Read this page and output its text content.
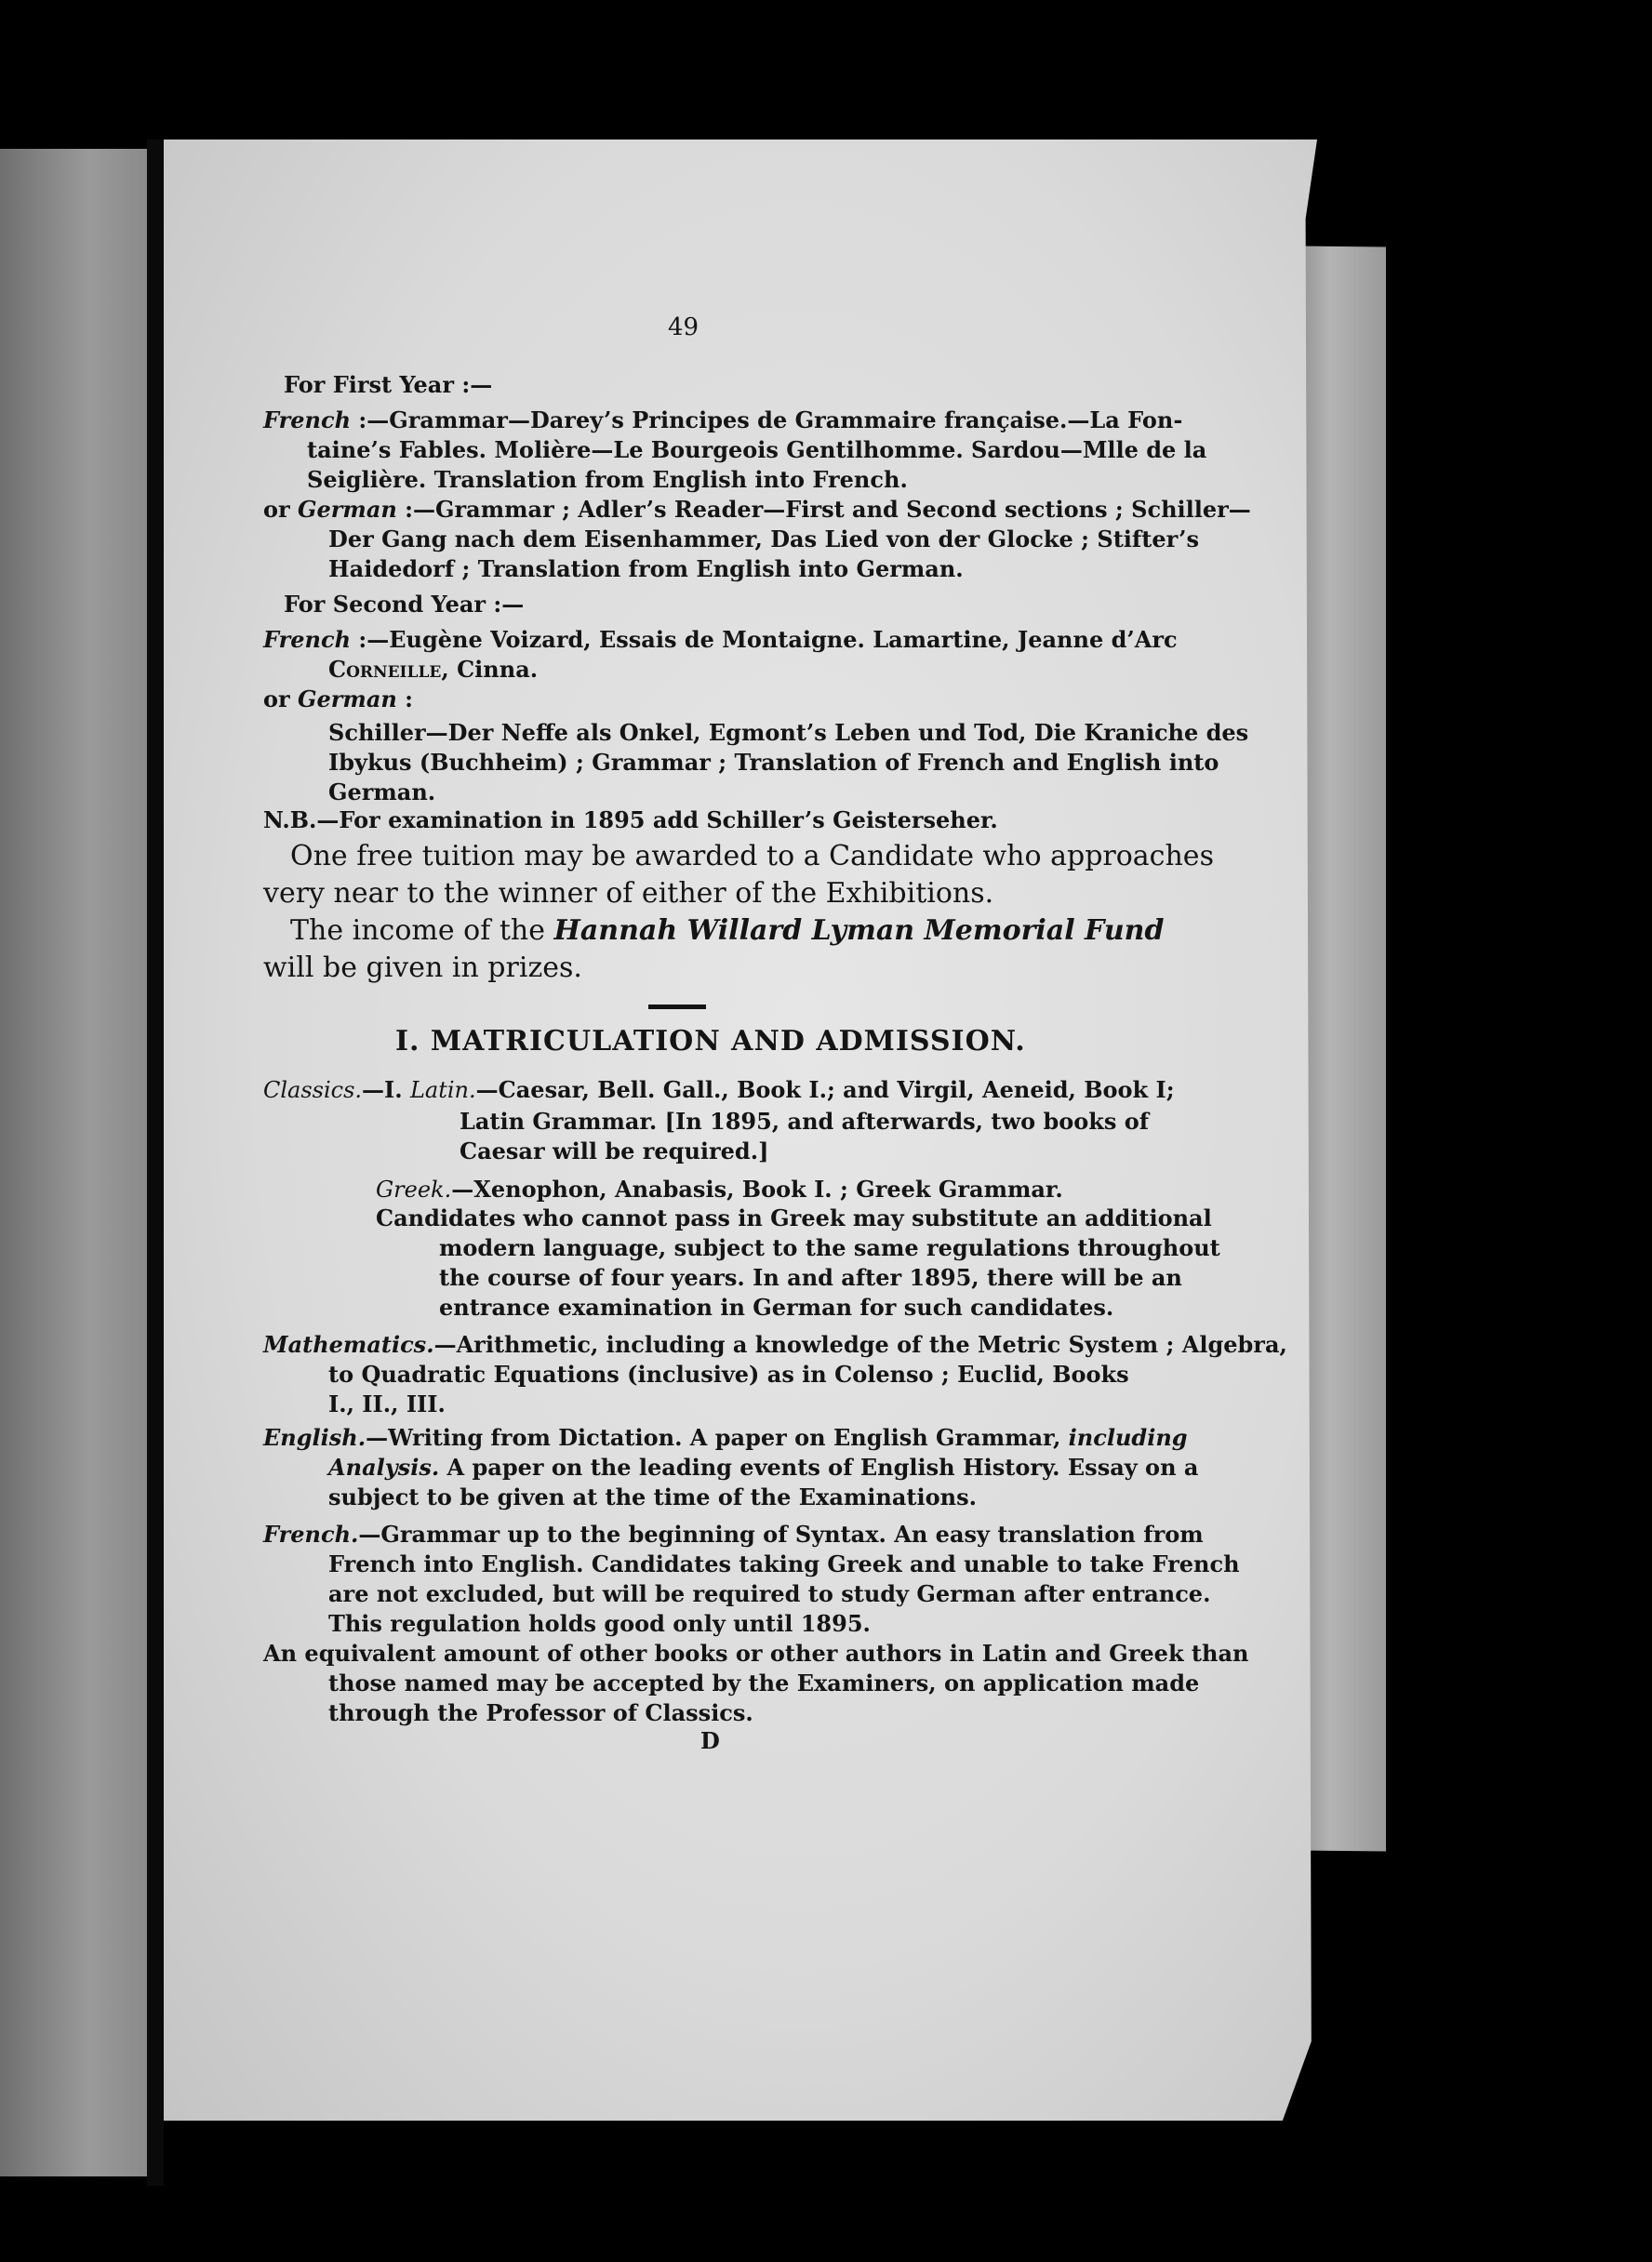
49
For First Year :—
French :—Grammar—Darey’s Principes de Grammaire française.—La Fon-
taine’s Fables. Molière—Le Bourgeois Gentilhomme. Sardou—Mlle de la
Seiglière. Translation from English into French.
or German :—Grammar ; Adler’s Reader—First and Second sections ; Schiller—
Der Gang nach dem Eisenhammer, Das Lied von der Glocke ; Stifter’s
Haidedorf ; Translation from English into German.
For Second Year :—
French :—Eugène Voizard, Essais de Montaigne. Lamartine, Jeanne d’Arc
Corneille, Cinna.
or German :
Schiller—Der Neffe als Onkel, Egmont’s Leben und Tod, Die Kraniche des
Ibykus (Buchheim) ; Grammar ; Translation of French and English into
German.
N.B.—For examination in 1895 add Schiller’s Geisterseher.
One free tuition may be awarded to a Candidate who approaches
very near to the winner of either of the Exhibitions.
The income of the Hannah Willard Lyman Memorial Fund
will be given in prizes.
I. MATRICULATION AND ADMISSION.
Classics.—I. Latin.—Caesar, Bell. Gall., Book I.; and Virgil, Aeneid, Book I;
Latin Grammar. [In 1895, and afterwards, two books of
Caesar will be required.]
Greek.—Xenophon, Anabasis, Book I. ; Greek Grammar.
Candidates who cannot pass in Greek may substitute an additional
modern language, subject to the same regulations throughout
the course of four years. In and after 1895, there will be an
entrance examination in German for such candidates.
Mathematics.—Arithmetic, including a knowledge of the Metric System ; Algebra,
to Quadratic Equations (inclusive) as in Colenso ; Euclid, Books
I., II., III.
English.—Writing from Dictation. A paper on English Grammar, including
Analysis. A paper on the leading events of English History. Essay on a
subject to be given at the time of the Examinations.
French.—Grammar up to the beginning of Syntax. An easy translation from
French into English. Candidates taking Greek and unable to take French
are not excluded, but will be required to study German after entrance.
This regulation holds good only until 1895.
An equivalent amount of other books or other authors in Latin and Greek than
those named may be accepted by the Examiners, on application made
through the Professor of Classics.
D
